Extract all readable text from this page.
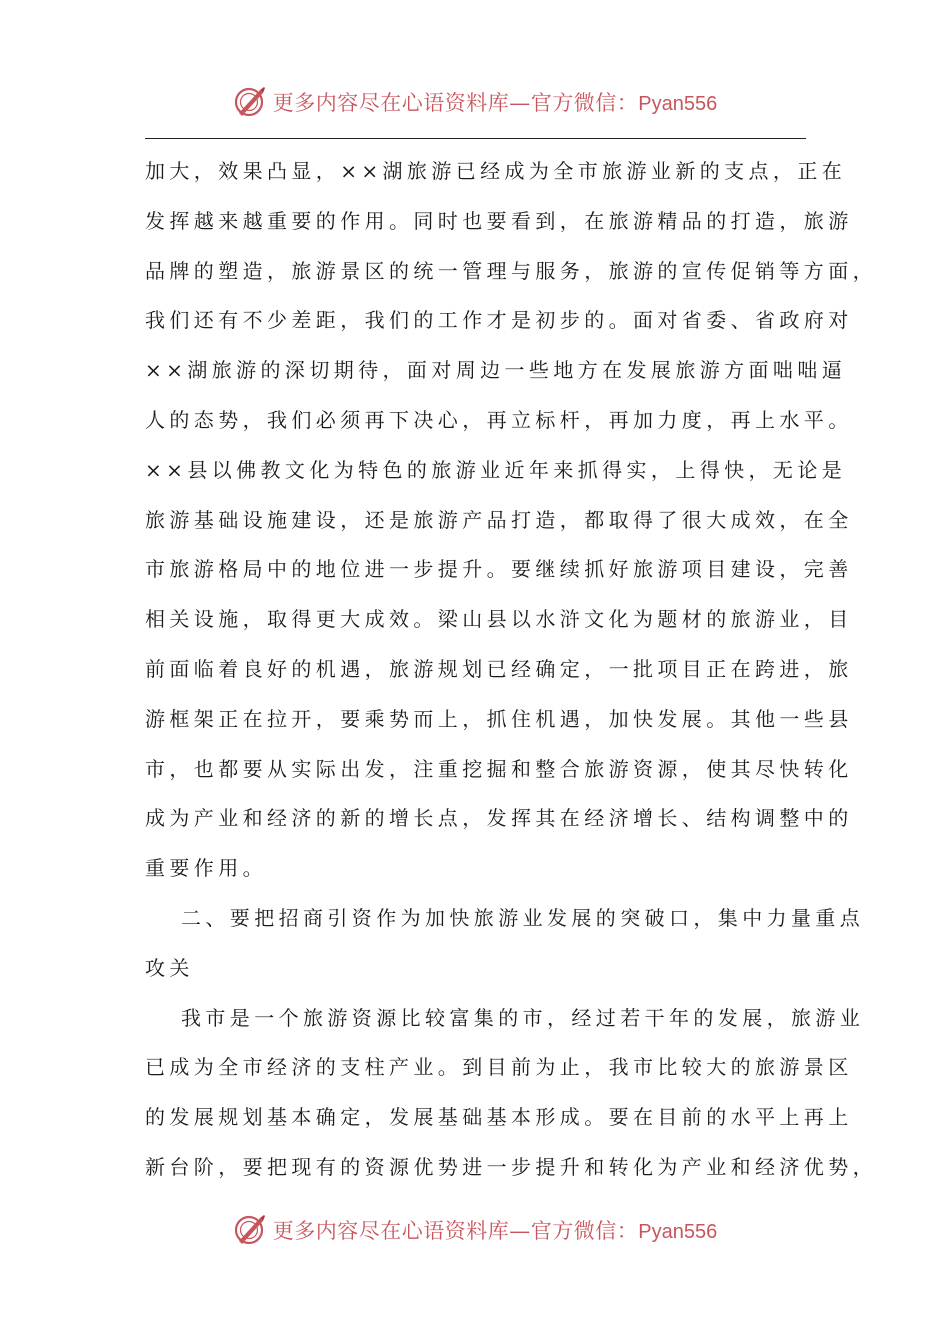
更多内容尽在心语资料库—官方微信：Pyan556
加大，效果凸显，××湖旅游已经成为全市旅游业新的支点，正在
发挥越来越重要的作用。同时也要看到，在旅游精品的打造，旅游
品牌的塑造，旅游景区的统一管理与服务，旅游的宣传促销等方面，
我们还有不少差距，我们的工作才是初步的。面对省委、省政府对
××湖旅游的深切期待，面对周边一些地方在发展旅游方面咄咄逼
人的态势，我们必须再下决心，再立标杆，再加力度，再上水平。
××县以佛教文化为特色的旅游业近年来抓得实，上得快，无论是
旅游基础设施建设，还是旅游产品打造，都取得了很大成效，在全
市旅游格局中的地位进一步提升。要继续抓好旅游项目建设，完善
相关设施，取得更大成效。梁山县以水浒文化为题材的旅游业，目
前面临着良好的机遇，旅游规划已经确定，一批项目正在跨进，旅
游框架正在拉开，要乘势而上，抓住机遇，加快发展。其他一些县
市，也都要从实际出发，注重挖掘和整合旅游资源，使其尽快转化
成为产业和经济的新的增长点，发挥其在经济增长、结构调整中的
重要作用。
二、要把招商引资作为加快旅游业发展的突破口，集中力量重点
攻关
我市是一个旅游资源比较富集的市，经过若干年的发展，旅游业
已成为全市经济的支柱产业。到目前为止，我市比较大的旅游景区
的发展规划基本确定，发展基础基本形成。要在目前的水平上再上
新台阶，要把现有的资源优势进一步提升和转化为产业和经济优势，
更多内容尽在心语资料库—官方微信：Pyan556
